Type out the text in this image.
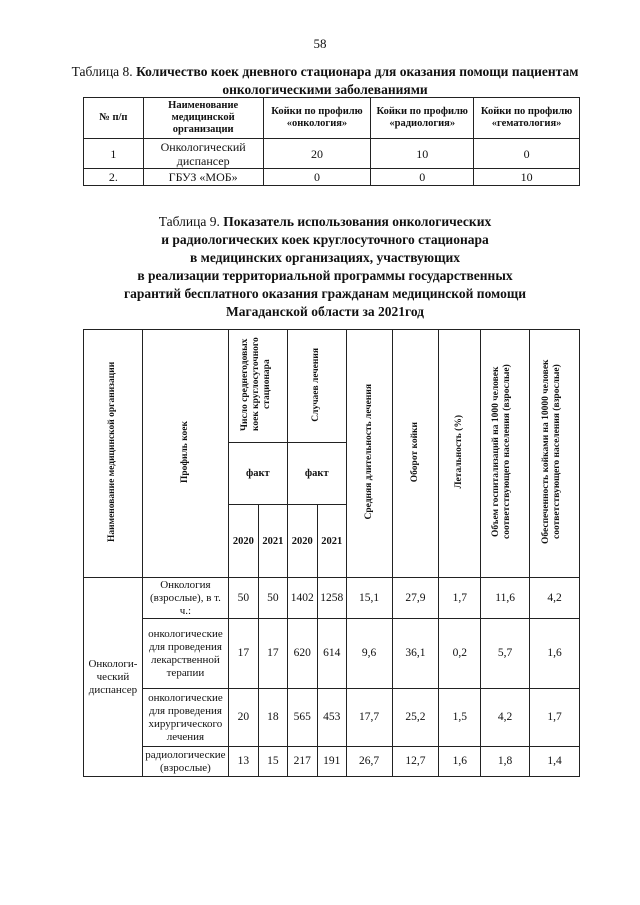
58
Таблица 8. Количество коек дневного стационара для оказания помощи пациентам онкологическими заболеваниями
№ п/п	Наименование медицинской организации	Койки по профилю «онкология»	Койки по профилю «радиология»	Койки по профилю «гематология»
1	Онкологический диспансер	20	10	0
2.	ГБУЗ «МОБ»	0	0	10
Таблица 9. Показатель использования онкологических
и радиологических коек круглосуточного стационара
в медицинских организациях, участвующих
в реализации территориальной программы государственных
гарантий бесплатного оказания гражданам медицинской помощи
Магаданской области за 2021год
Наименование медицинской организации	Профиль коек	Число среднегодовых коек круглосуточного стационара		Случаев лечения		Средняя длительность лечения	Оборот койки	Летальность (%)	Объем госпитализаций на 1000 человек соответствующего населения (взрослые)	Обеспеченность койками на 10000 человек соответствующего населения (взрослые)
		факт		факт						
		2020	2021	2020	2021					
Онкологи-ческий диспансер	Онкология (взрослые), в т. ч.:	50	50	1402	1258	15,1	27,9	1,7	11,6	4,2
	онкологические для проведения лекарственной терапии	17	17	620	614	9,6	36,1	0,2	5,7	1,6
	онкологические для проведения хирургического лечения	20	18	565	453	17,7	25,2	1,5	4,2	1,7
	радиологические (взрослые)	13	15	217	191	26,7	12,7	1,6	1,8	1,4
